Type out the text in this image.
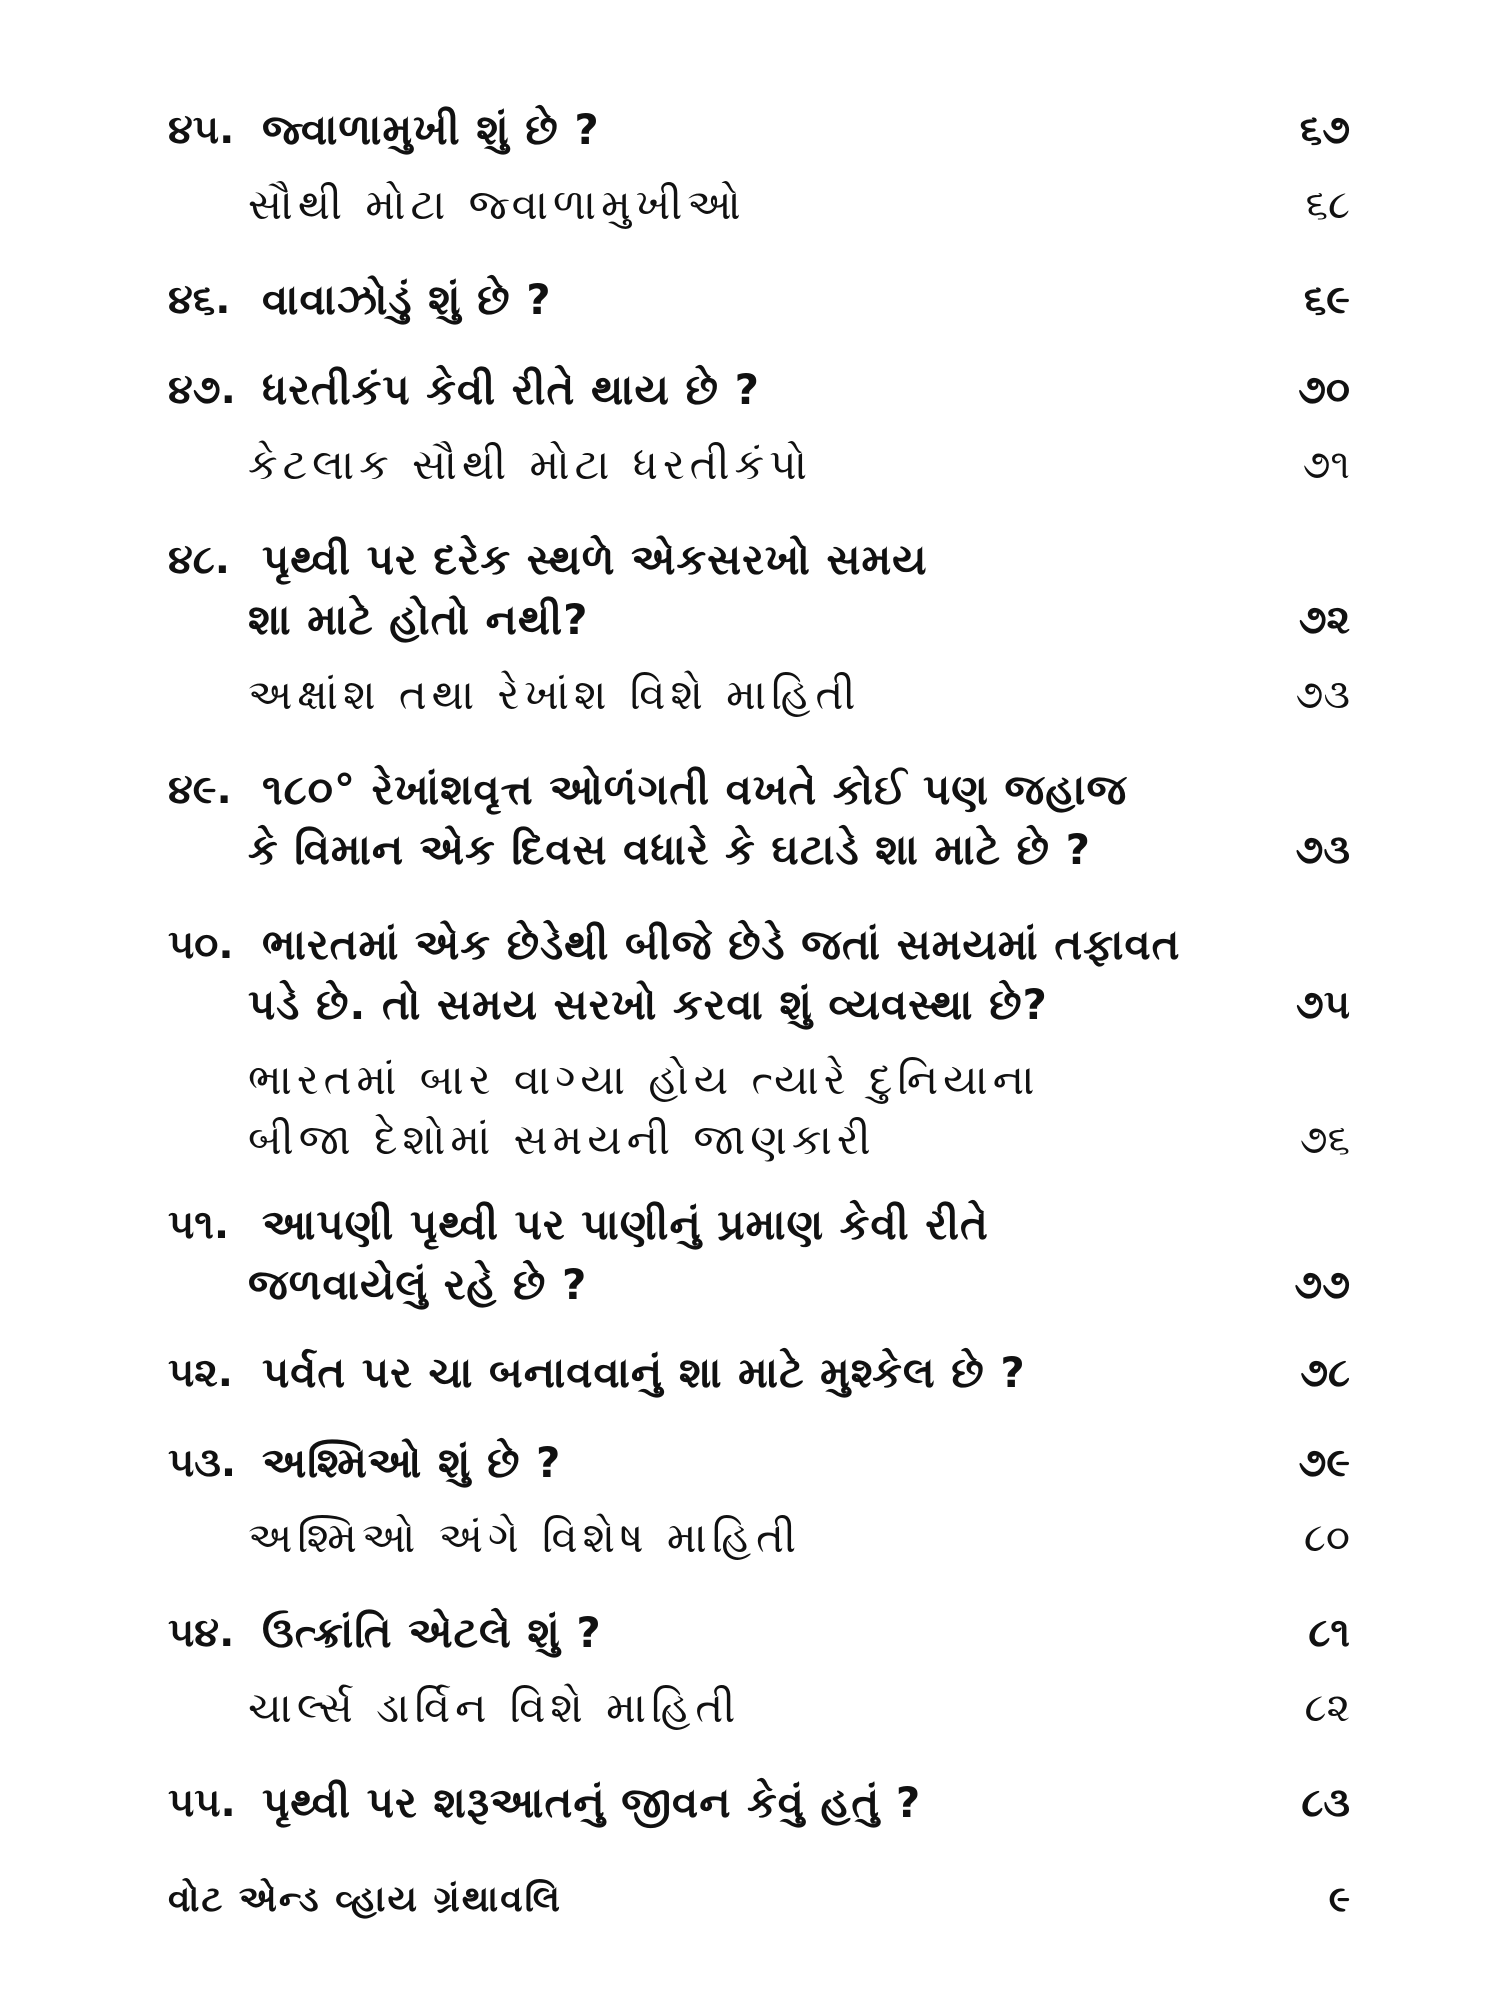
૪૫. જ્વાળામુખી શું છે ?	૬૭
સૌથી મોટા જ્વાળામુખીઓ	૬૮
૪૬. વાવાઝોડું શું છે ?	૬૯
૪૭. ધરતીકંપ કેવી રીતે થાય છે ?	૭૦
કેટલાક સૌથી મોટા ધરતીકંપો	૭૧
૪૮. પૃથ્વી પર દરેક સ્થળે એકસરખો સમય
શા માટે હોતો નથી?	૭૨
અક્ષાંશ તથા રેખાંશ વિશે માહિતી	૭૩
૪૯. ૧૮૦° રેખાંશવૃત્ત ઓળંગતી વખતે કોઈ પણ જહાજ
કે વિમાન એક દિવસ વધારે કે ઘટાડે શા માટે છે ?	૭૩
૫૦. ભારતમાં એક છેડેથી બીજે છેડે જતાં સમયમાં તફાવત
પડે છે. તો સમય સરખો કરવા શું વ્યવસ્થા છે?	૭૫
ભારતમાં બાર વાગ્યા હોય ત્યારે દુનિયાના
બીજા દેશોમાં સમયની જાણકારી	૭૬
૫૧. આપણી પૃથ્વી પર પાણીનું પ્રમાણ કેવી રીતે
જળવાયેલું રહે છે ?	૭૭
૫૨. પર્વત પર ચા બનાવવાનું શા માટે મુશ્કેલ છે ?	૭૮
૫૩. અશ્મિઓ શું છે ?	૭૯
અશ્મિઓ અંગે વિશેષ માહિતી	૮૦
૫૪. ઉત્ક્રાંતિ એટલે શું ?	૮૧
ચાર્લ્સ ડાર્વિન વિશે માહિતી	૮૨
૫૫. પૃથ્વી પર શરૂઆતનું જીવન કેવું હતું ?	૮૩
વોટ એન્ડ વ્હાય ગ્રંથાવલિ	૯
